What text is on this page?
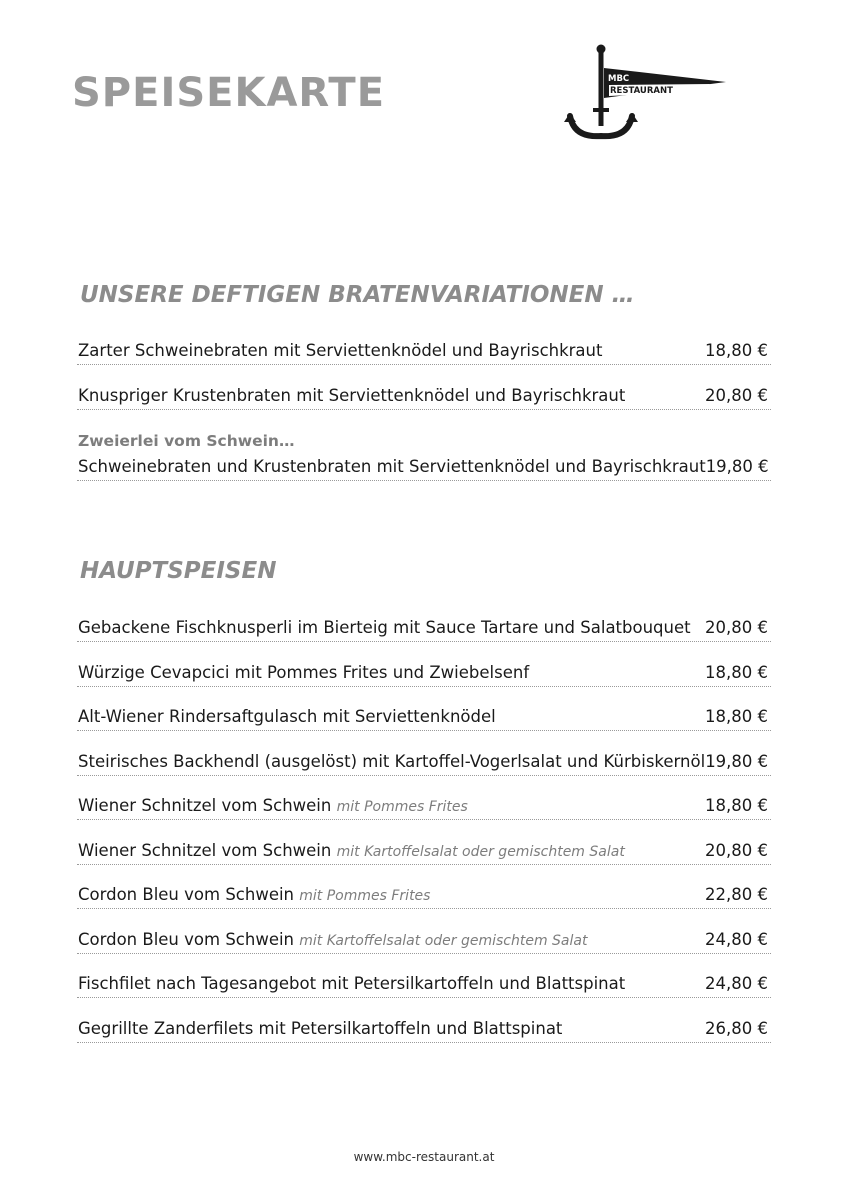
SPEISEKARTE	MBC
RESTAURANT
UNSERE DEFTIGEN BRATENVARIATIONEN …
Zarter Schweinebraten mit Serviettenknödel und Bayrischkraut	18,80 €
Knuspriger Krustenbraten mit Serviettenknödel und Bayrischkraut	20,80 €
Zweierlei vom Schwein…
Schweinebraten und Krustenbraten mit Serviettenknödel und Bayrischkraut 19,80 €
HAUPTSPEISEN
Gebackene Fischknusperli im Bierteig mit Sauce Tartare und Salatbouquet 20,80 €
Würzige Cevapcici mit Pommes Frites und Zwiebelsenf	18,80 €
Alt-Wiener Rindersaftgulasch mit Serviettenknödel	18,80 €
Steirisches Backhendl (ausgelöst) mit Kartoffel-Vogerlsalat und Kürbiskernöl 19,80 €
Wiener Schnitzel vom Schwein mit Pommes Frites	18,80 €
Wiener Schnitzel vom Schwein mit Kartoffelsalat oder gemischtem Salat	20,80 €
Cordon Bleu vom Schwein mit Pommes Frites	22,80 €
Cordon Bleu vom Schwein mit Kartoffelsalat oder gemischtem Salat	24,80 €
Fischfilet nach Tagesangebot mit Petersilkartoffeln und Blattspinat	24,80 €
Gegrillte Zanderfilets mit Petersilkartoffeln und Blattspinat	26,80 €
www.mbc-restaurant.at
